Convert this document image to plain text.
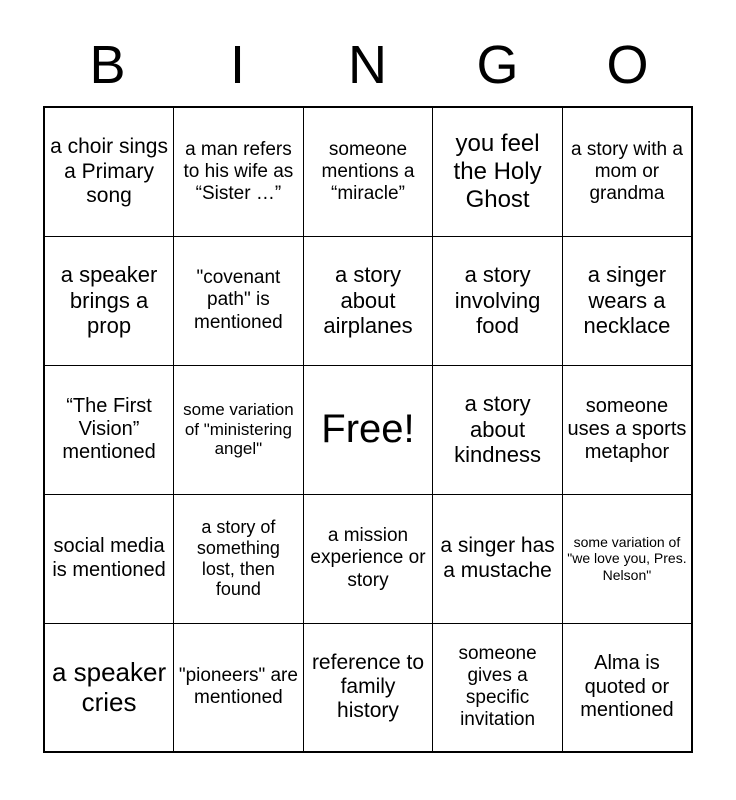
B	I	N	G	O
a choir sings a Primary song	a man refers to his wife as “Sister …”	someone mentions a “miracle”	you feel the Holy Ghost	a story with a mom or grandma
a speaker brings a prop	"covenant path" is mentioned	a story about airplanes	a story involving food	a singer wears a necklace
“The First Vision” mentioned	some variation of "ministering angel"	Free!	a story about kindness	someone uses a sports metaphor
social media is mentioned	a story of something lost, then found	a mission experience or story	a singer has a mustache	some variation of "we love you, Pres. Nelson"
a speaker cries	"pioneers" are mentioned	reference to family history	someone gives a specific invitation	Alma is quoted or mentioned
